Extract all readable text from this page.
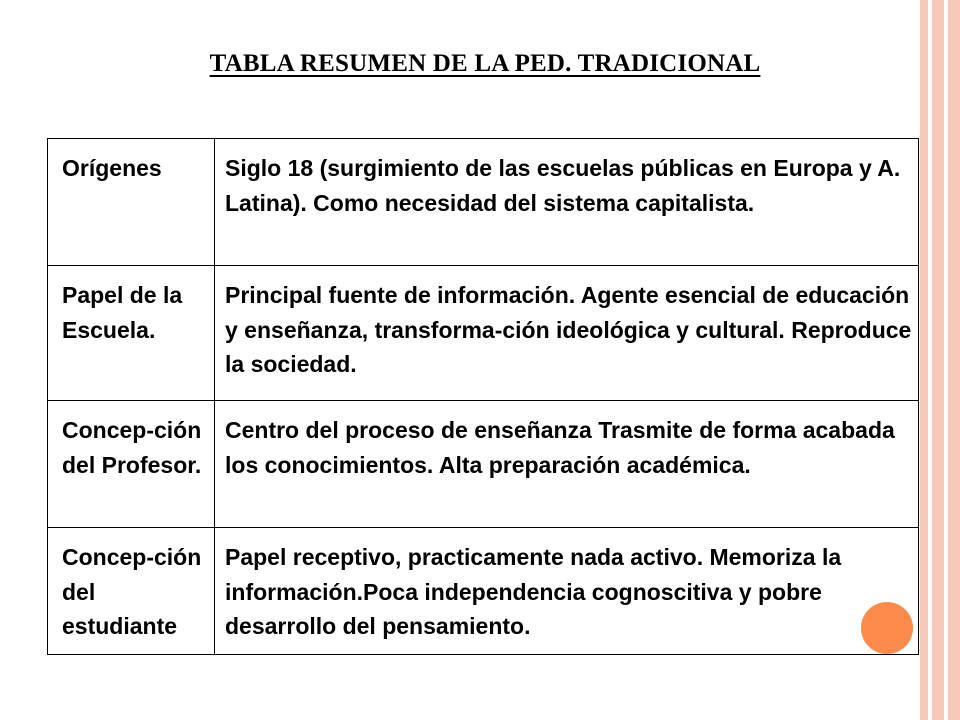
TABLA RESUMEN DE LA PED. TRADICIONAL
Orígenes	Siglo 18 (surgimiento de las escuelas públicas en Europa y A. Latina). Como necesidad del sistema capitalista.
Papel de la Escuela.	Principal fuente de información. Agente esencial de educación y enseñanza, transforma-ción ideológica y cultural. Reproduce la sociedad.
Concep-ción del Profesor.	Centro del proceso de enseñanza Trasmite de forma acabada los conocimientos. Alta preparación académica.
Concep-ción del estudiante	Papel receptivo, practicamente nada activo. Memoriza la información.Poca independencia cognoscitiva y pobre desarrollo del pensamiento.
